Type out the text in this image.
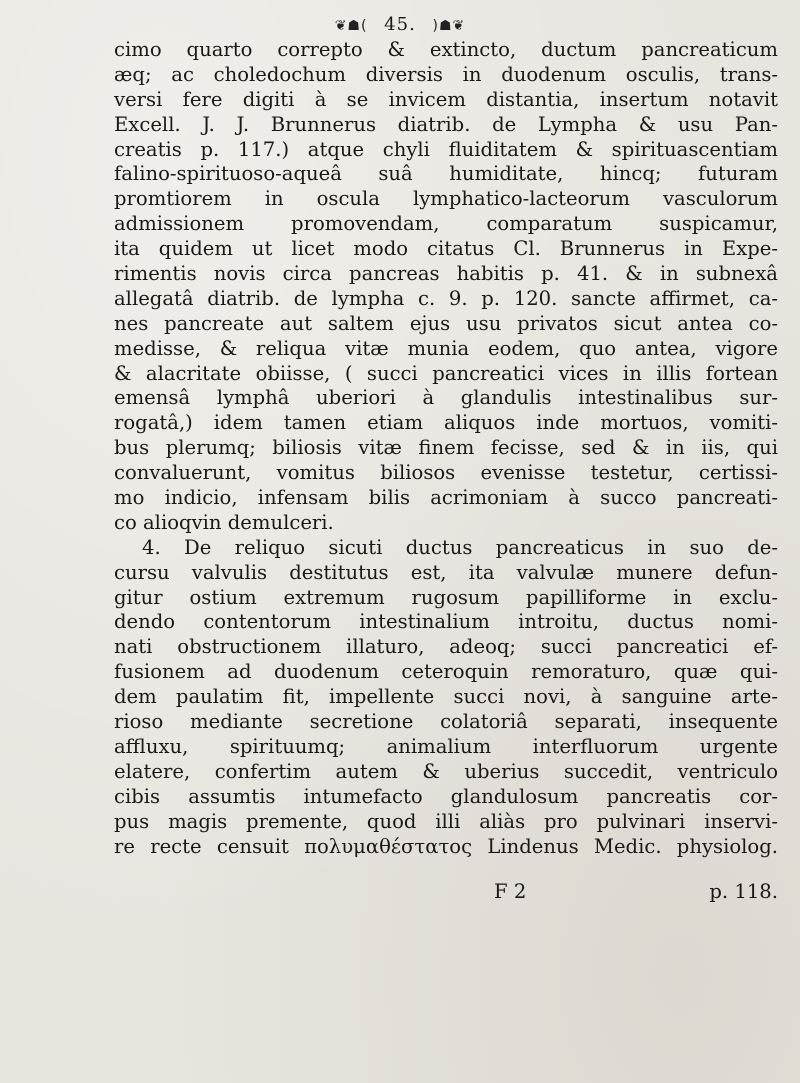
❦☗( 45. )☗❦
cimo quarto correpto & extincto, ductum pancreaticum
æq; ac choledochum diversis in duodenum osculis, trans-
versi fere digiti à se invicem distantia, insertum notavit
Excell. J. J. Brunnerus diatrib. de Lympha & usu Pan-
creatis p. 117.) atque chyli fluiditatem & spirituascentiam
falino-spirituoso-aqueâ suâ humiditate, hincq; futuram
promtiorem in oscula lymphatico-lacteorum vasculorum
admissionem promovendam, comparatum suspicamur,
ita quidem ut licet modo citatus Cl. Brunnerus in Expe-
rimentis novis circa pancreas habitis p. 41. & in subnexâ
allegatâ diatrib. de lympha c. 9. p. 120. sancte affirmet, ca-
nes pancreate aut saltem ejus usu privatos sicut antea co-
medisse, & reliqua vitæ munia eodem, quo antea, vigore
& alacritate obiisse, ( succi pancreatici vices in illis fortean
emensâ lymphâ uberiori à glandulis intestinalibus sur-
rogatâ,) idem tamen etiam aliquos inde mortuos, vomiti-
bus plerumq; biliosis vitæ finem fecisse, sed & in iis, qui
convaluerunt, vomitus biliosos evenisse testetur, certissi-
mo indicio, infensam bilis acrimoniam à succo pancreati-
co alioqvin demulceri.
4. De reliquo sicuti ductus pancreaticus in suo de-
cursu valvulis destitutus est, ita valvulæ munere defun-
gitur ostium extremum rugosum papilliforme in exclu-
dendo contentorum intestinalium introitu, ductus nomi-
nati obstructionem illaturo, adeoq; succi pancreatici ef-
fusionem ad duodenum ceteroquin remoraturo, quæ qui-
dem paulatim fit, impellente succi novi, à sanguine arte-
rioso mediante secretione colatoriâ separati, insequente
affluxu, spirituumq; animalium interfluorum urgente
elatere, confertim autem & uberius succedit, ventriculo
cibis assumtis intumefacto glandulosum pancreatis cor-
pus magis premente, quod illi aliàs pro pulvinari inservi-
re recte censuit πολυμαθέστατος Lindenus Medic. physiolog.
F 2	p. 118.
